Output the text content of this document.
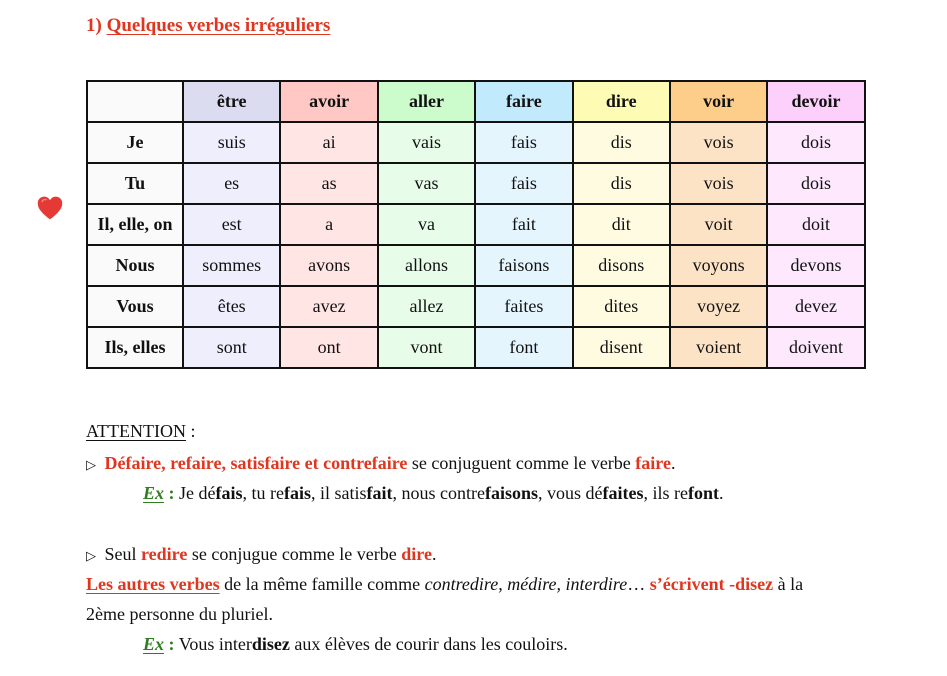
1) Quelques verbes irréguliers
	être	avoir	aller	faire	dire	voir	devoir
Je	suis	ai	vais	fais	dis	vois	dois
Tu	es	as	vas	fais	dis	vois	dois
Il, elle, on	est	a	va	fait	dit	voit	doit
Nous	sommes	avons	allons	faisons	disons	voyons	devons
Vous	êtes	avez	allez	faites	dites	voyez	devez
Ils, elles	sont	ont	vont	font	disent	voient	doivent
ATTENTION :
▷ Défaire, refaire, satisfaire et contrefaire se conjuguent comme le verbe faire.
Ex : Je défais, tu refais, il satisfait, nous contrefaisons, vous défaites, ils refont.
▷ Seul redire se conjugue comme le verbe dire.
Les autres verbes de la même famille comme contredire, médire, interdire… s’écrivent -disez à la
2ème personne du pluriel.
Ex : Vous interdisez aux élèves de courir dans les couloirs.
